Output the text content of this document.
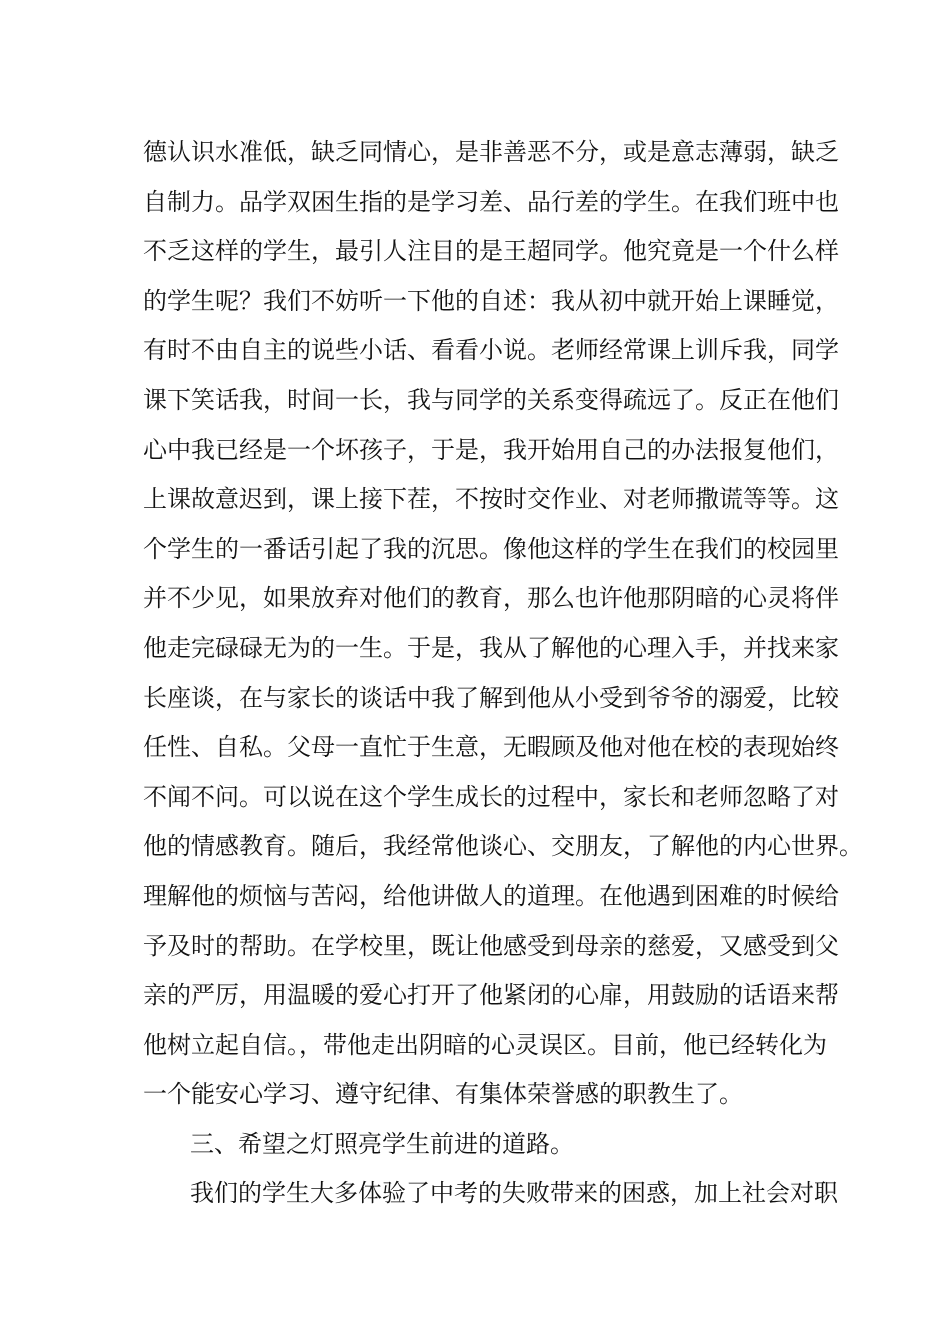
德认识水准低，缺乏同情心，是非善恶不分，或是意志薄弱，缺乏
自制力。品学双困生指的是学习差、品行差的学生。在我们班中也
不乏这样的学生，最引人注目的是王超同学。他究竟是一个什么样
的学生呢？我们不妨听一下他的自述：我从初中就开始上课睡觉，
有时不由自主的说些小话、看看小说。老师经常课上训斥我，同学
课下笑话我，时间一长，我与同学的关系变得疏远了。反正在他们
心中我已经是一个坏孩子，于是，我开始用自己的办法报复他们，
上课故意迟到，课上接下茬，不按时交作业、对老师撒谎等等。这
个学生的一番话引起了我的沉思。像他这样的学生在我们的校园里
并不少见，如果放弃对他们的教育，那么也许他那阴暗的心灵将伴
他走完碌碌无为的一生。于是，我从了解他的心理入手，并找来家
长座谈，在与家长的谈话中我了解到他从小受到爷爷的溺爱，比较
任性、自私。父母一直忙于生意，无暇顾及他对他在校的表现始终
不闻不问。可以说在这个学生成长的过程中，家长和老师忽略了对
他的情感教育。随后，我经常他谈心、交朋友，了解他的内心世界。
理解他的烦恼与苦闷，给他讲做人的道理。在他遇到困难的时候给
予及时的帮助。在学校里，既让他感受到母亲的慈爱，又感受到父
亲的严厉，用温暖的爱心打开了他紧闭的心扉，用鼓励的话语来帮
他树立起自信。，带他走出阴暗的心灵误区。目前，他已经转化为
一个能安心学习、遵守纪律、有集体荣誉感的职教生了。
三、希望之灯照亮学生前进的道路。
我们的学生大多体验了中考的失败带来的困惑，加上社会对职
